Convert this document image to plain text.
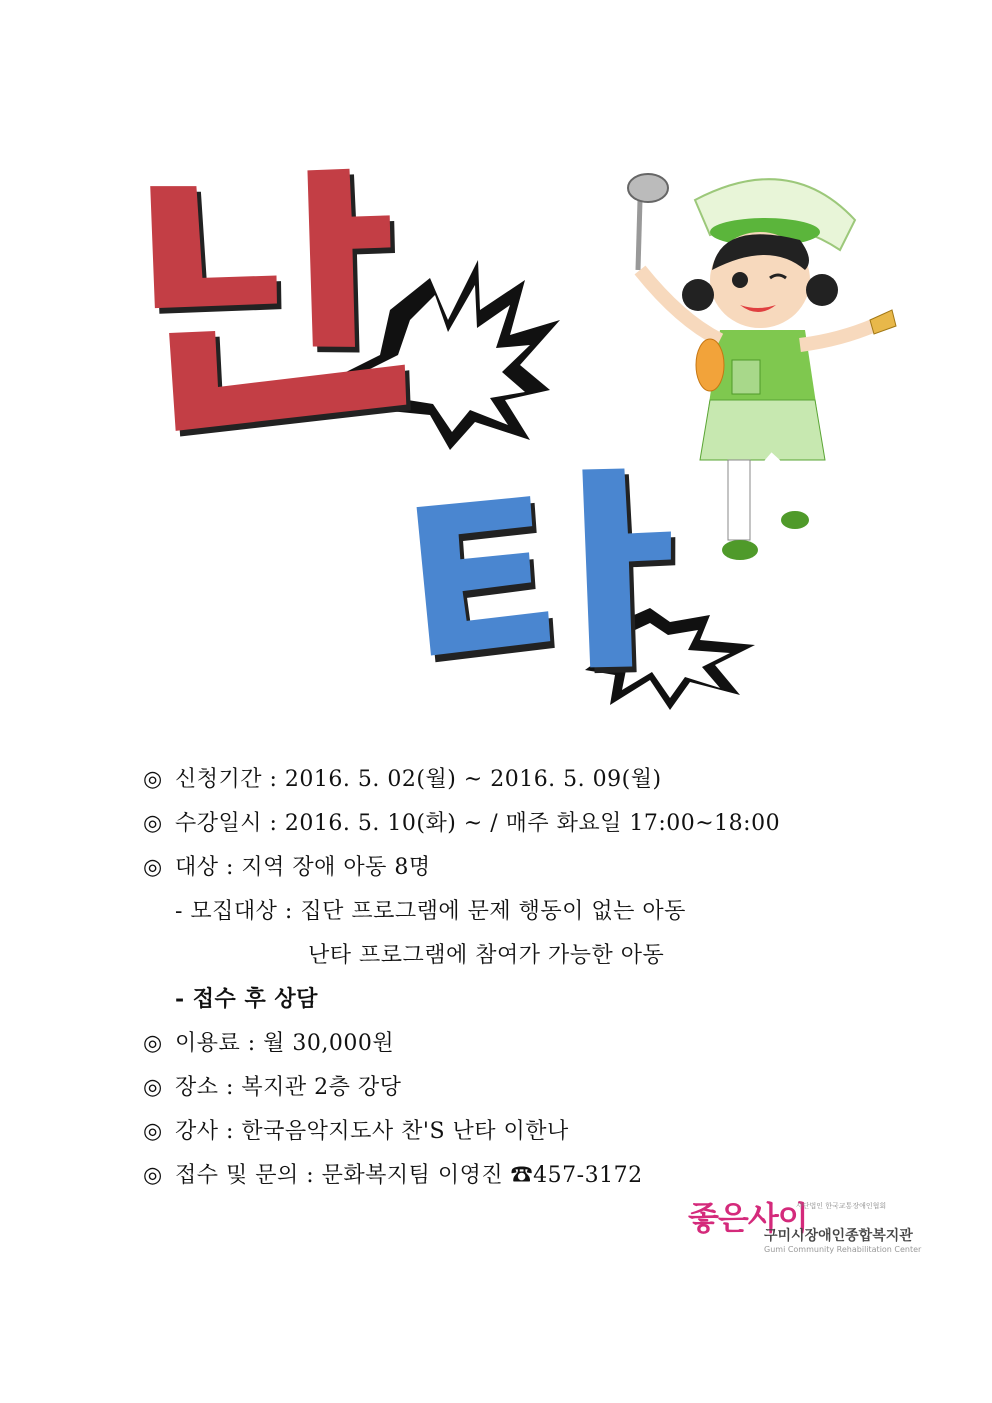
◎ 신청기간 : 2016. 5. 02(월) ~ 2016. 5. 09(월)
◎ 수강일시 : 2016. 5. 10(화) ~ / 매주 화요일 17:00~18:00
◎ 대상 : 지역 장애 아동 8명
- 모집대상 : 집단 프로그램에 문제 행동이 없는 아동
난타 프로그램에 참여가 가능한 아동
- 접수 후 상담
◎ 이용료 : 월 30,000원
◎ 장소 : 복지관 2층 강당
◎ 강사 : 한국음악지도사 찬'S 난타 이한나
◎ 접수 및 문의 : 문화복지팀 이영진 ☎457-3172
좋은사이
사단법인 한국교통장애인협회
구미시장애인종합복지관
Gumi Community Rehabilitation Center
